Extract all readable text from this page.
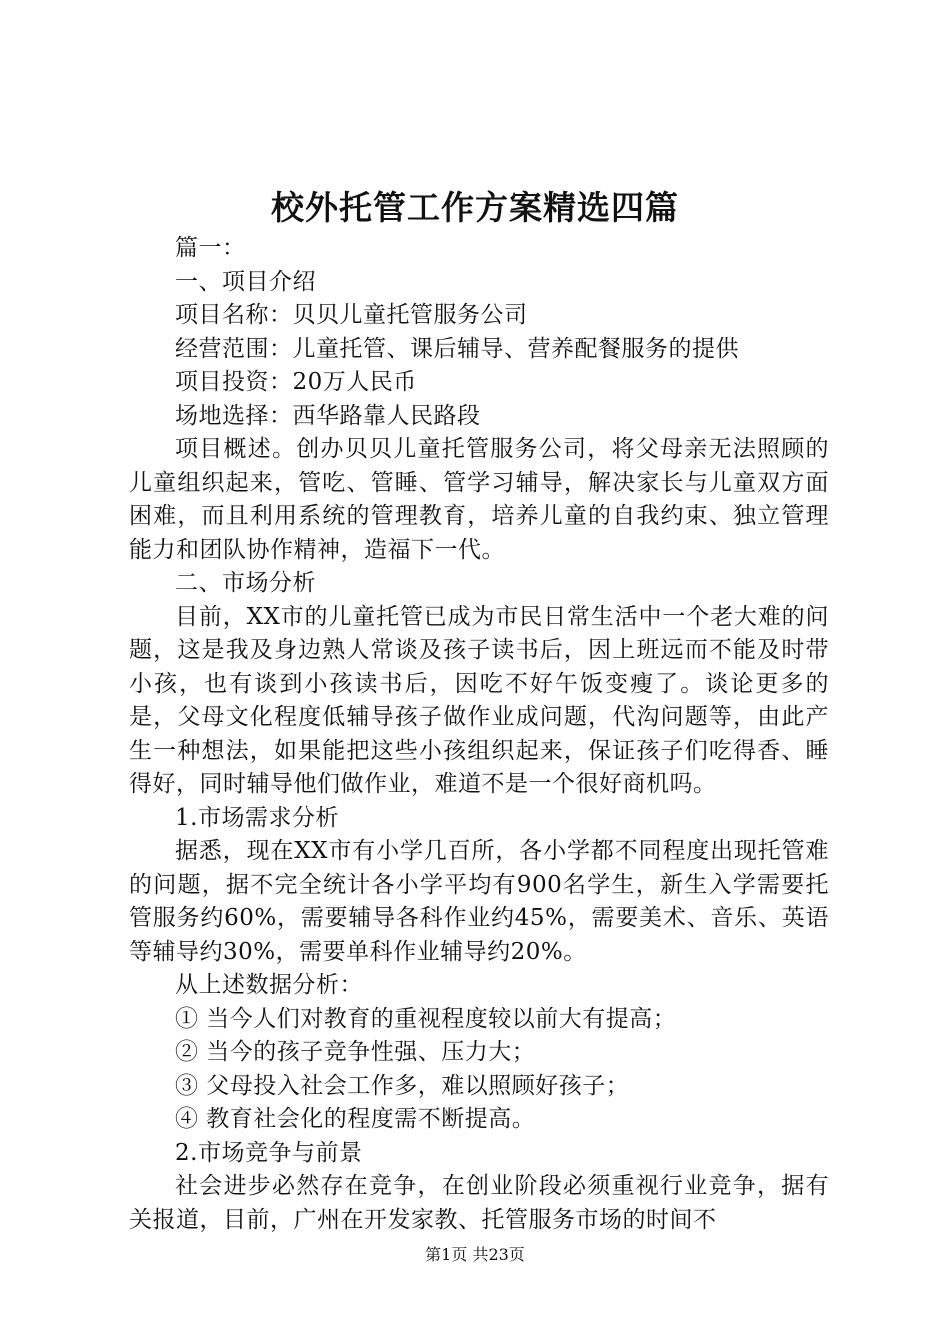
校外托管工作方案精选四篇

篇一：

一、项目介绍

项目名称：贝贝儿童托管服务公司

经营范围：儿童托管、课后辅导、营养配餐服务的提供

项目投资：20万人民币

场地选择：西华路靠人民路段

项目概述。创办贝贝儿童托管服务公司，将父母亲无法照顾的儿童组织起来，管吃、管睡、管学习辅导，解决家长与儿童双方面困难，而且利用系统的管理教育，培养儿童的自我约束、独立管理能力和团队协作精神，造福下一代。

二、市场分析

目前，XX市的儿童托管已成为市民日常生活中一个老大难的问题，这是我及身边熟人常谈及孩子读书后，因上班远而不能及时带小孩，也有谈到小孩读书后，因吃不好午饭变瘦了。谈论更多的是，父母文化程度低辅导孩子做作业成问题，代沟问题等，由此产生一种想法，如果能把这些小孩组织起来，保证孩子们吃得香、睡得好，同时辅导他们做作业，难道不是一个很好商机吗。

1.市场需求分析

据悉，现在XX市有小学几百所，各小学都不同程度出现托管难的问题，据不完全统计各小学平均有900名学生，新生入学需要托管服务约60%，需要辅导各科作业约45%，需要美术、音乐、英语等辅导约30%，需要单科作业辅导约20%。

从上述数据分析：

① 当今人们对教育的重视程度较以前大有提高；

② 当今的孩子竞争性强、压力大；

③ 父母投入社会工作多，难以照顾好孩子；

④ 教育社会化的程度需不断提高。

2.市场竞争与前景

社会进步必然存在竞争，在创业阶段必须重视行业竞争，据有关报道，目前，广州在开发家教、托管服务市场的时间不

第1页 共23页
